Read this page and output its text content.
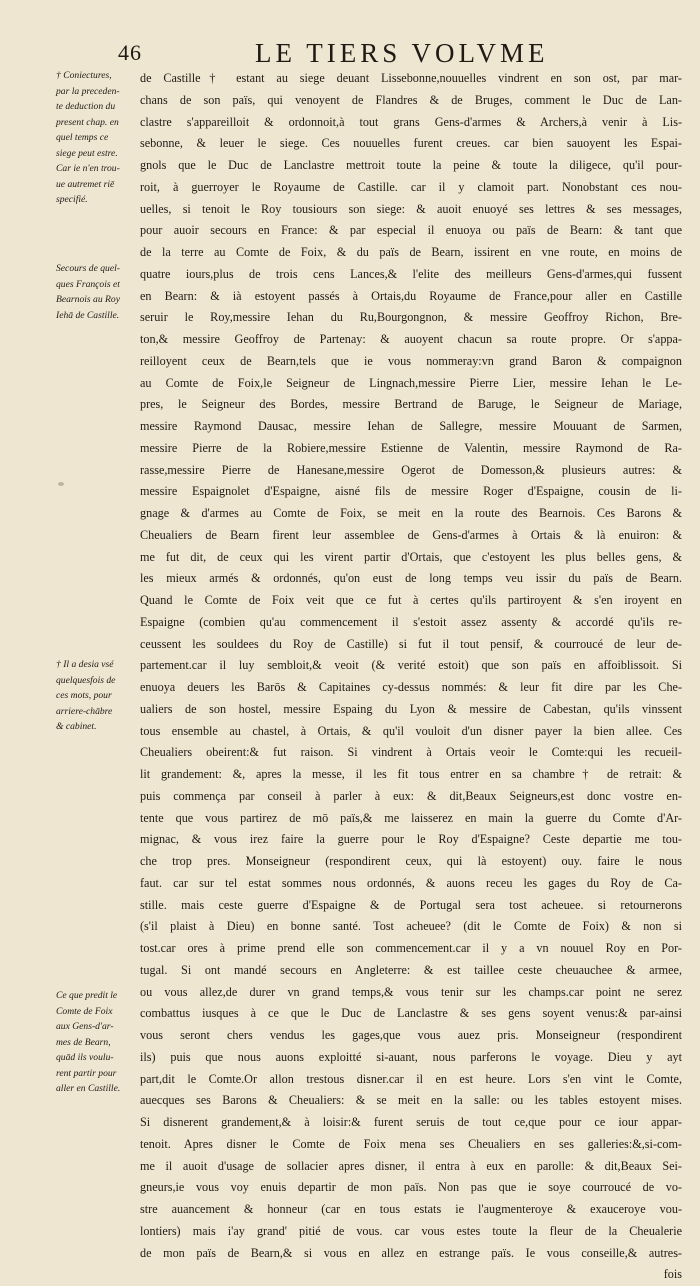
46	LE TIERS VOLVME
† Coniectures,
par la preceden-
te deduction du
present chap. en
quel temps ce
siege peut estre.
Car ie n'en trou-
ue autremet riē
specifié.
Secours de quel-
ques François et
Bearnois au Roy
Iehā de Castille.
† Il a desia vsé
quelquesfois de
ces mots, pour
arriere-chābre
& cabinet.
Ce que predit le
Comte de Foix
aux Gens-d'ar-
mes de Bearn,
quād ils voulu-
rent partir pour
aller en Castille.
de Castille† estant au siege deuant Lissebonne,nouuelles vindrent en son ost, par mar-
chans de son païs, qui venoyent de Flandres & de Bruges, comment le Duc de Lan-
clastre s'appareilloit & ordonnoit,à tout grans Gens-d'armes & Archers,à venir à Lis-
sebonne, & leuer le siege. Ces nouuelles furent creues. car bien sauoyent les Espai-
gnols que le Duc de Lanclastre mettroit toute la peine & toute la diligece, qu'il pour-
roit, à guerroyer le Royaume de Castille. car il y clamoit part. Nonobstant ces nou-
uelles, si tenoit le Roy tousiours son siege: & auoit enuoyé ses lettres & ses messages,
pour auoir secours en France: & par especial il enuoya ou païs de Bearn: & tant que
de la terre au Comte de Foix, & du païs de Bearn, issirent en vne route, en moins de
quatre iours,plus de trois cens Lances,& l'elite des meilleurs Gens-d'armes,qui fussent
en Bearn: & ià estoyent passés à Ortais,du Royaume de France,pour aller en Castille
seruir le Roy,messire Iehan du Ru,Bourgongnon, & messire Geoffroy Richon, Bre-
ton,& messire Geoffroy de Partenay: & auoyent chacun sa route propre. Or s'appa-
reilloyent ceux de Bearn,tels que ie vous nommeray:vn grand Baron & compaignon
au Comte de Foix,le Seigneur de Lingnach,messire Pierre Lier, messire Iehan le Le-
pres, le Seigneur des Bordes, messire Bertrand de Baruge, le Seigneur de Mariage,
messire Raymond Dausac, messire Iehan de Sallegre, messire Mouuant de Sarmen,
messire Pierre de la Robiere,messire Estienne de Valentin, messire Raymond de Ra-
rasse,messire Pierre de Hanesane,messire Ogerot de Domesson,& plusieurs autres: &
messire Espaignolet d'Espaigne, aisné fils de messire Roger d'Espaigne, cousin de li-
gnage & d'armes au Comte de Foix, se meit en la route des Bearnois. Ces Barons &
Cheualiers de Bearn firent leur assemblee de Gens-d'armes à Ortais & là enuiron: &
me fut dit, de ceux qui les virent partir d'Ortais, que c'estoyent les plus belles gens, &
les mieux armés & ordonnés, qu'on eust de long temps veu issir du païs de Bearn.
Quand le Comte de Foix veit que ce fut à certes qu'ils partiroyent & s'en iroyent en
Espaigne (combien qu'au commencement il s'estoit assez assenty & accordé qu'ils re-
ceussent les souldees du Roy de Castille) si fut il tout pensif, & courroucé de leur de-
partement.car il luy sembloit,& veoit (& verité estoit) que son païs en affoiblissoit. Si
enuoya deuers les Barōs & Capitaines cy-dessus nommés: & leur fit dire par les Che-
ualiers de son hostel, messire Espaing du Lyon & messire de Cabestan, qu'ils vinssent
tous ensemble au chastel, à Ortais, & qu'il vouloit d'un disner payer la bien allee. Ces
Cheualiers obeirent:& fut raison. Si vindrent à Ortais veoir le Comte:qui les recueil-
lit grandement: &, apres la messe, il les fit tous entrer en sa chambre† de retrait: &
puis commença par conseil à parler à eux: & dit,Beaux Seigneurs,est donc vostre en-
tente que vous partirez de mō païs,& me laisserez en main la guerre du Comte d'Ar-
mignac, & vous irez faire la guerre pour le Roy d'Espaigne? Ceste departie me tou-
che trop pres. Monseigneur (respondirent ceux, qui là estoyent) ouy. faire le nous
faut. car sur tel estat sommes nous ordonnés, & auons receu les gages du Roy de Ca-
stille. mais ceste guerre d'Espaigne & de Portugal sera tost acheuee. si retournerons
(s'il plaist à Dieu) en bonne santé. Tost acheuee? (dit le Comte de Foix) & non si
tost.car ores à prime prend elle son commencement.car il y a vn nouuel Roy en Por-
tugal. Si ont mandé secours en Angleterre: & est taillee ceste cheuauchee & armee,
ou vous allez,de durer vn grand temps,& vous tenir sur les champs.car point ne serez
combattus iusques à ce que le Duc de Lanclastre & ses gens soyent venus:& par-ainsi
vous seront chers vendus les gages,que vous auez pris. Monseigneur (respondirent
ils) puis que nous auons exploitté si-auant, nous parferons le voyage. Dieu y ayt
part,dit le Comte.Or allon trestous disner.car il en est heure. Lors s'en vint le Comte,
auecques ses Barons & Cheualiers: & se meit en la salle: ou les tables estoyent mises.
Si disnerent grandement,& à loisir:& furent seruis de tout ce,que pour ce iour appar-
tenoit. Apres disner le Comte de Foix mena ses Cheualiers en ses galleries:&,si-com-
me il auoit d'usage de sollacier apres disner, il entra à eux en parolle: & dit,Beaux Sei-
gneurs,ie vous voy enuis departir de mon païs. Non pas que ie soye courroucé de vo-
stre auancement & honneur (car en tous estats ie l'augmenteroye & exauceroye vou-
lontiers) mais i'ay grand' pitié de vous. car vous estes toute la fleur de la Cheualerie
de mon païs de Bearn,& si vous en allez en estrange païs. Ie vous conseille,& autres-
fois
